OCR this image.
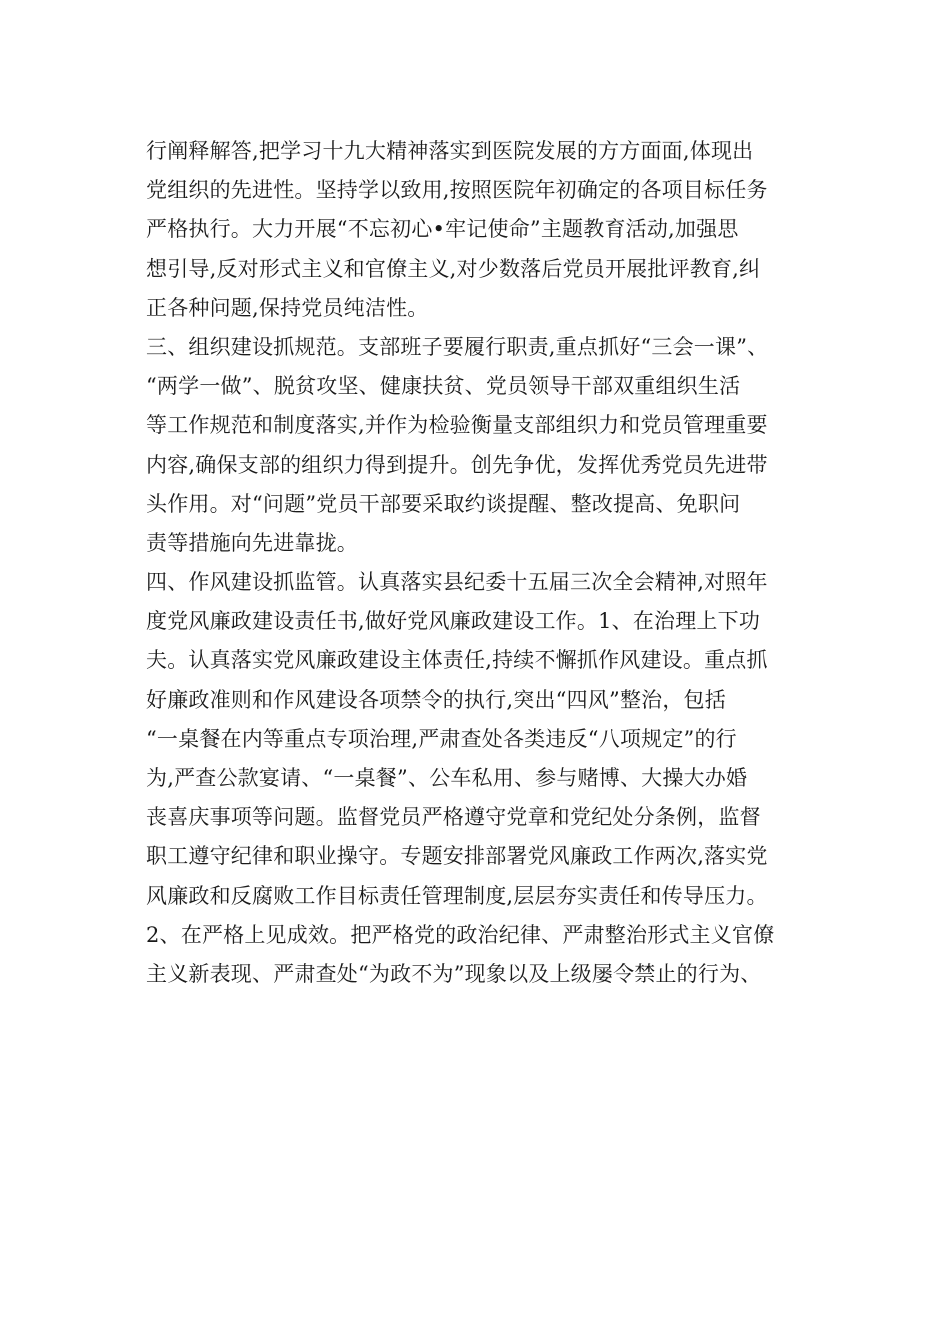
行阐释解答,把学习十九大精神落实到医院发展的方方面面,体现出
党组织的先进性。坚持学以致用,按照医院年初确定的各项目标任务
严格执行。大力开展“不忘初心•牢记使命”主题教育活动,加强思
想引导,反对形式主义和官僚主义,对少数落后党员开展批评教育,纠
正各种问题,保持党员纯洁性。
三、组织建设抓规范。支部班子要履行职责,重点抓好“三会一课”、
“两学一做”、脱贫攻坚、健康扶贫、党员领导干部双重组织生活
等工作规范和制度落实,并作为检验衡量支部组织力和党员管理重要
内容,确保支部的组织力得到提升。创先争优，发挥优秀党员先进带
头作用。对“问题”党员干部要采取约谈提醒、整改提高、免职问
责等措施向先进靠拢。
四、作风建设抓监管。认真落实县纪委十五届三次全会精神,对照年
度党风廉政建设责任书,做好党风廉政建设工作。1、在治理上下功
夫。认真落实党风廉政建设主体责任,持续不懈抓作风建设。重点抓
好廉政准则和作风建设各项禁令的执行,突出“四风”整治，包括
“一桌餐在内等重点专项治理,严肃查处各类违反“八项规定”的行
为,严查公款宴请、“一桌餐”、公车私用、参与赌博、大操大办婚
丧喜庆事项等问题。监督党员严格遵守党章和党纪处分条例，监督
职工遵守纪律和职业操守。专题安排部署党风廉政工作两次,落实党
风廉政和反腐败工作目标责任管理制度,层层夯实责任和传导压力。
2、在严格上见成效。把严格党的政治纪律、严肃整治形式主义官僚
主义新表现、严肃查处“为政不为”现象以及上级屡令禁止的行为、
